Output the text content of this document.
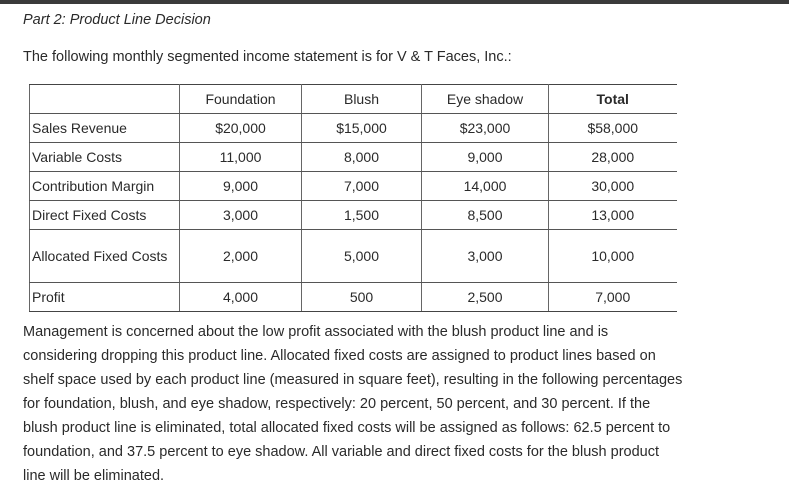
Part 2: Product Line Decision
The following monthly segmented income statement is for V & T Faces, Inc.:
	Foundation	Blush	Eye shadow	Total
Sales Revenue	$20,000	$15,000	$23,000	$58,000
Variable Costs	11,000	8,000	9,000	28,000
Contribution Margin	9,000	7,000	14,000	30,000
Direct Fixed Costs	3,000	1,500	8,500	13,000
Allocated Fixed Costs	2,000	5,000	3,000	10,000
Profit	4,000	500	2,500	7,000
Management is concerned about the low profit associated with the blush product line and is considering dropping this product line. Allocated fixed costs are assigned to product lines based on shelf space used by each product line (measured in square feet), resulting in the following percentages for foundation, blush, and eye shadow, respectively: 20 percent, 50 percent, and 30 percent. If the blush product line is eliminated, total allocated fixed costs will be assigned as follows: 62.5 percent to foundation, and 37.5 percent to eye shadow. All variable and direct fixed costs for the blush product line will be eliminated.
